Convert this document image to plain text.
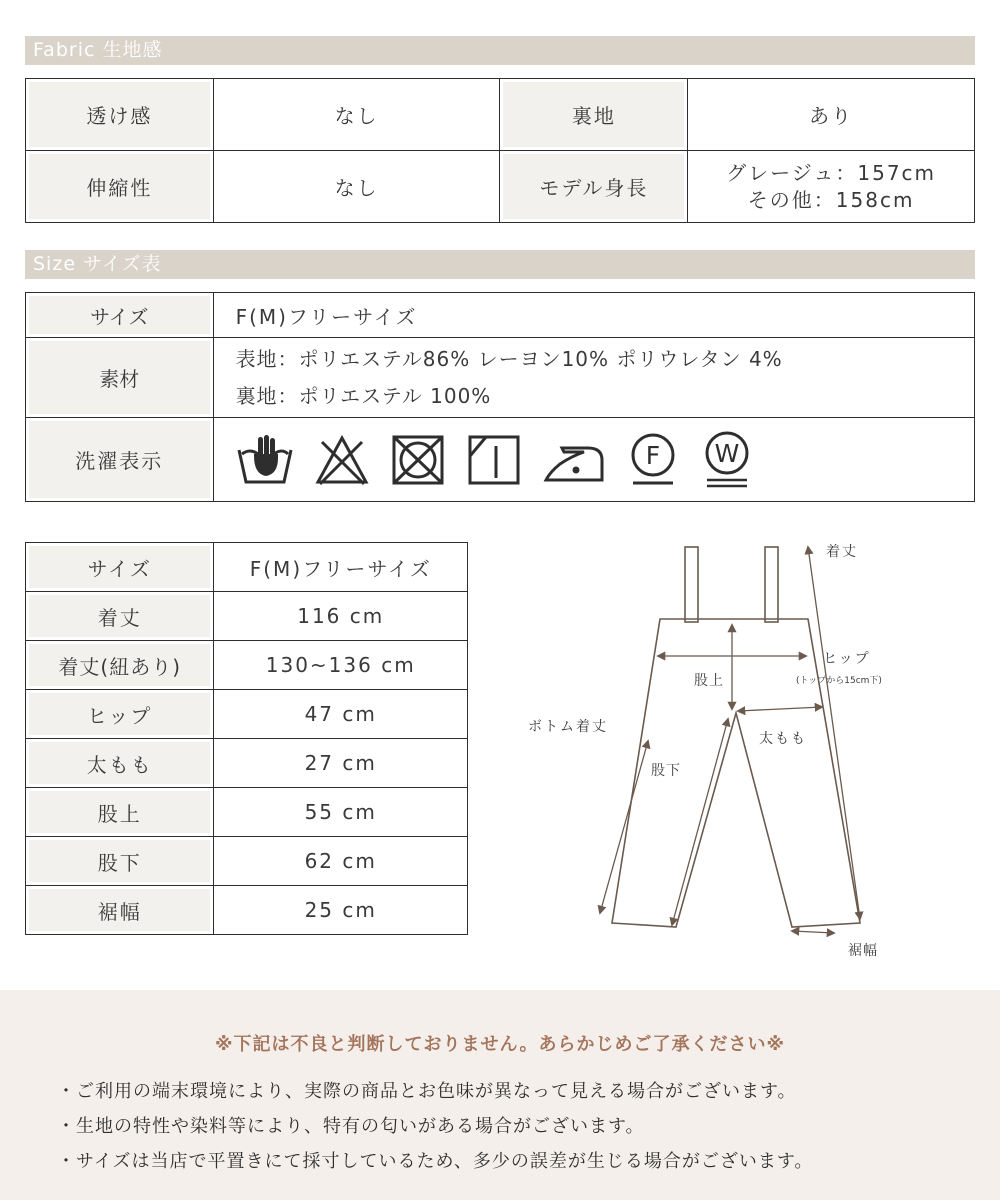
Fabric 生地感
透け感	なし	裏地	あり
伸縮性	なし	モデル身長	グレージュ：157cm
その他：158cm
Size サイズ表
サイズ	F(M)フリーサイズ
素材	表地：ポリエステル86% レーヨン10% ポリウレタン 4%
裏地：ポリエステル 100%

洗濯表示	F W
サイズ	F(M)フリーサイズ
着丈	116 cm
着丈(紐あり)	130~136 cm
ヒップ	47 cm
太もも	27 cm
股上	55 cm
股下	62 cm
裾幅	25 cm
着丈
ヒップ
(トップから15cm下)
股上
ボトム着丈
太もも
股下
裾幅
※下記は不良と判断しておりません。あらかじめご了承ください※
・ご利用の端末環境により、実際の商品とお色味が異なって見える場合がございます。
・生地の特性や染料等により、特有の匂いがある場合がございます。
・サイズは当店で平置きにて採寸しているため、多少の誤差が生じる場合がございます。
